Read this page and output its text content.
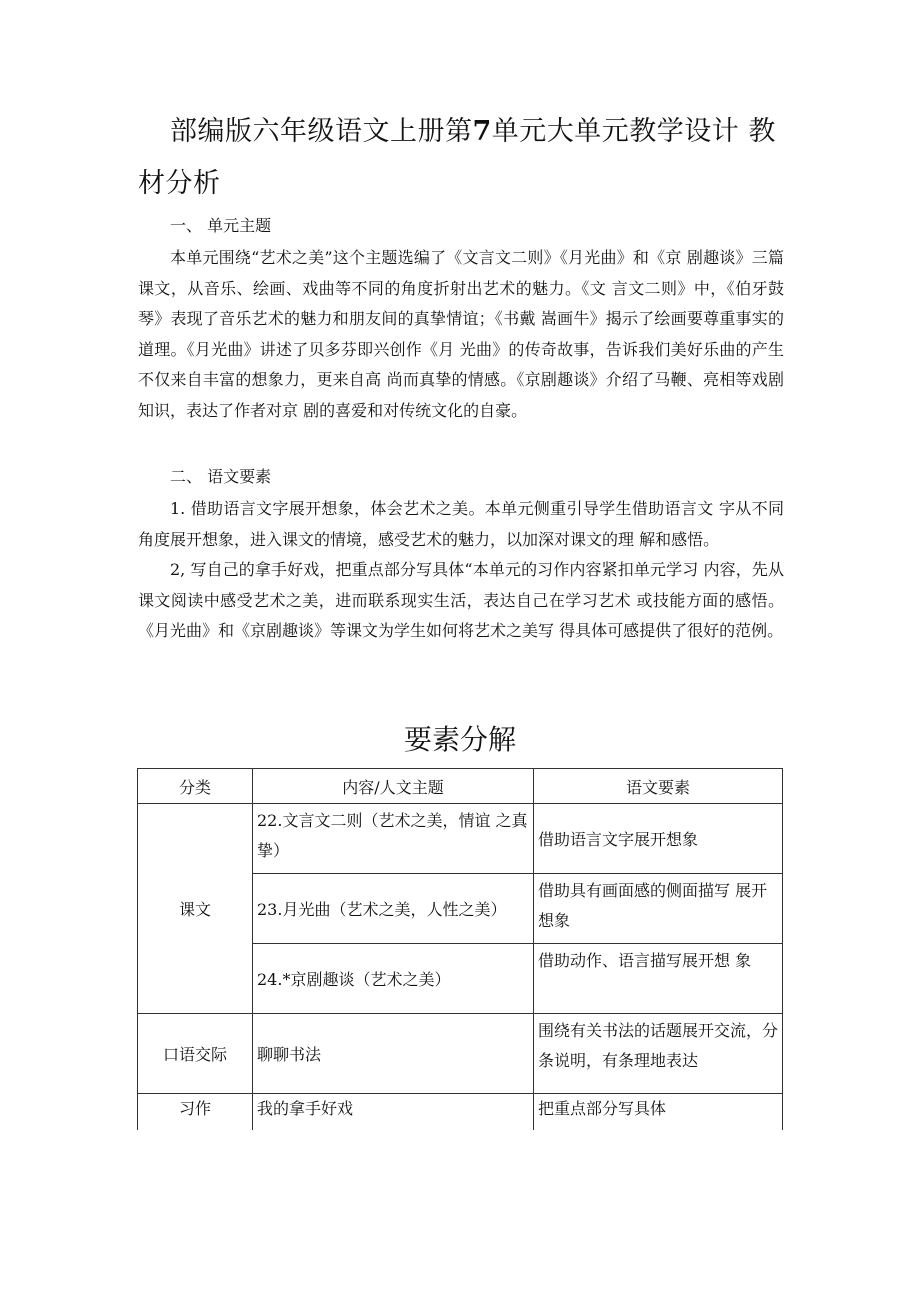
部编版六年级语文上册第7单元大单元教学设计 教材分析
一、 单元主题

本单元围绕“艺术之美”这个主题选编了《文言文二则》《月光曲》和《京 剧趣谈》三篇课文，从音乐、绘画、戏曲等不同的角度折射出艺术的魅力。《文 言文二则》中，《伯牙鼓琴》表现了音乐艺术的魅力和朋友间的真挚情谊；《书戴 嵩画牛》揭示了绘画要尊重事实的道理。《月光曲》讲述了贝多芬即兴创作《月 光曲》的传奇故事，告诉我们美好乐曲的产生不仅来自丰富的想象力，更来自高 尚而真挚的情感。《京剧趣谈》介绍了马鞭、亮相等戏剧知识，表达了作者对京 剧的喜爱和对传统文化的自豪。

二、 语文要素

1. 借助语言文字展开想象，体会艺术之美。本单元侧重引导学生借助语言文 字从不同角度展开想象，进入课文的情境，感受艺术的魅力，以加深对课文的理 解和感悟。

2, 写自己的拿手好戏，把重点部分写具体“本单元的习作内容紧扣单元学习 内容，先从课文阅读中感受艺术之美，进而联系现实生活，表达自己在学习艺术 或技能方面的感悟。《月光曲》和《京剧趣谈》等课文为学生如何将艺术之美写 得具体可感提供了很好的范例。

要素分解
分类	内容/人文主题	语文要素
课文	22.文言文二则（艺术之美，情谊 之真挚）	借助语言文字展开想象
	23.月光曲（艺术之美，人性之美）	借助具有画面感的侧面描写 展开想象
	24.*京剧趣谈（艺术之美）	借助动作、语言描写展开想 象
口语交际	聊聊书法	围绕有关书法的话题展开交流，分条说明，有条理地表达
习作	我的拿手好戏	把重点部分写具体
